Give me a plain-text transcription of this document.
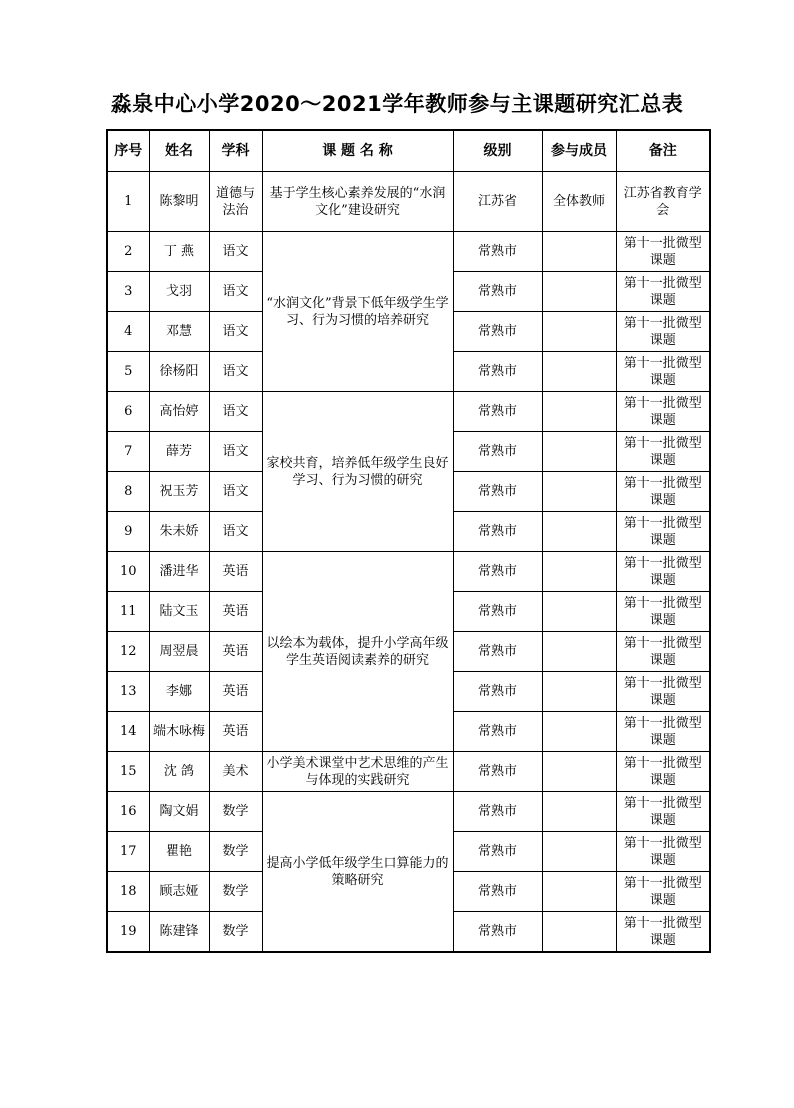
淼泉中心小学2020～2021学年教师参与主课题研究汇总表
序号	姓名	学科	课 题 名 称	级别	参与成员	备注
1	陈黎明	道德与法治	基于学生核心素养发展的“水润文化”建设研究	江苏省	全体教师	江苏省教育学会
2	丁 燕	语文	“水润文化”背景下低年级学生学习、行为习惯的培养研究	常熟市		第十一批微型课题
3	戈羽	语文		常熟市		第十一批微型课题
4	邓慧	语文		常熟市		第十一批微型课题
5	徐杨阳	语文		常熟市		第十一批微型课题
6	高怡婷	语文	家校共育，培养低年级学生良好学习、行为习惯的研究	常熟市		第十一批微型课题
7	薛芳	语文		常熟市		第十一批微型课题
8	祝玉芳	语文		常熟市		第十一批微型课题
9	朱未娇	语文		常熟市		第十一批微型课题
10	潘进华	英语	以绘本为载体，提升小学高年级学生英语阅读素养的研究	常熟市		第十一批微型课题
11	陆文玉	英语		常熟市		第十一批微型课题
12	周翌晨	英语		常熟市		第十一批微型课题
13	李娜	英语		常熟市		第十一批微型课题
14	端木咏梅	英语		常熟市		第十一批微型课题
15	沈 鸽	美术	小学美术课堂中艺术思维的产生与体现的实践研究	常熟市		第十一批微型课题
16	陶文娟	数学	提高小学低年级学生口算能力的策略研究	常熟市		第十一批微型课题
17	瞿艳	数学		常熟市		第十一批微型课题
18	顾志娅	数学		常熟市		第十一批微型课题
19	陈建锋	数学		常熟市		第十一批微型课题
